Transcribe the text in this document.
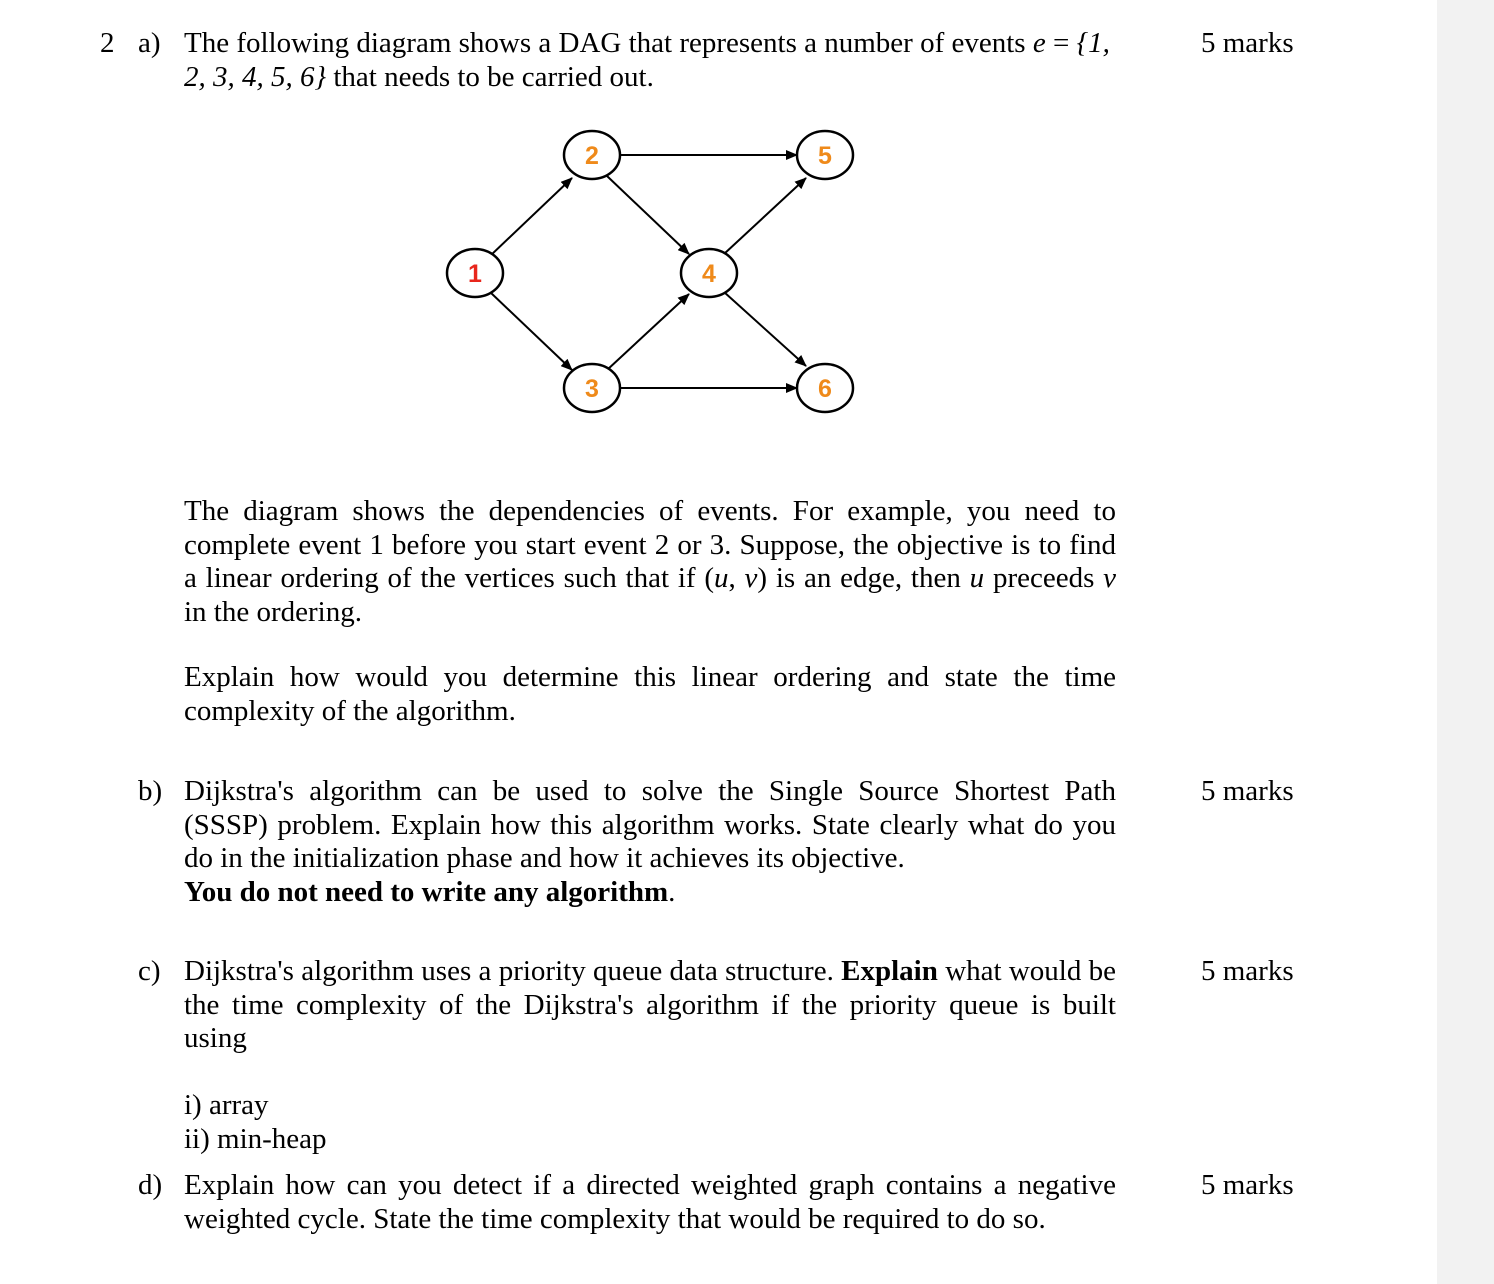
2 a) The following diagram shows a DAG that represents a number of events e = {1,
2, 3, 4, 5, 6} that needs to be carried out.
5 marks
1
2
3
4
5
6
The diagram shows the dependencies of events. For example, you need to
complete event 1 before you start event 2 or 3. Suppose, the objective is to find
a linear ordering of the vertices such that if (u, v) is an edge, then u preceeds v
in the ordering.
Explain how would you determine this linear ordering and state the time
complexity of the algorithm.
b) Dijkstra's algorithm can be used to solve the Single Source Shortest Path
(SSSP) problem. Explain how this algorithm works. State clearly what do you
do in the initialization phase and how it achieves its objective.
You do not need to write any algorithm.
5 marks
c) Dijkstra's algorithm uses a priority queue data structure. Explain what would be
the time complexity of the Dijkstra's algorithm if the priority queue is built
using
5 marks
i) array
ii) min-heap
d) Explain how can you detect if a directed weighted graph contains a negative
weighted cycle. State the time complexity that would be required to do so.
5 marks
